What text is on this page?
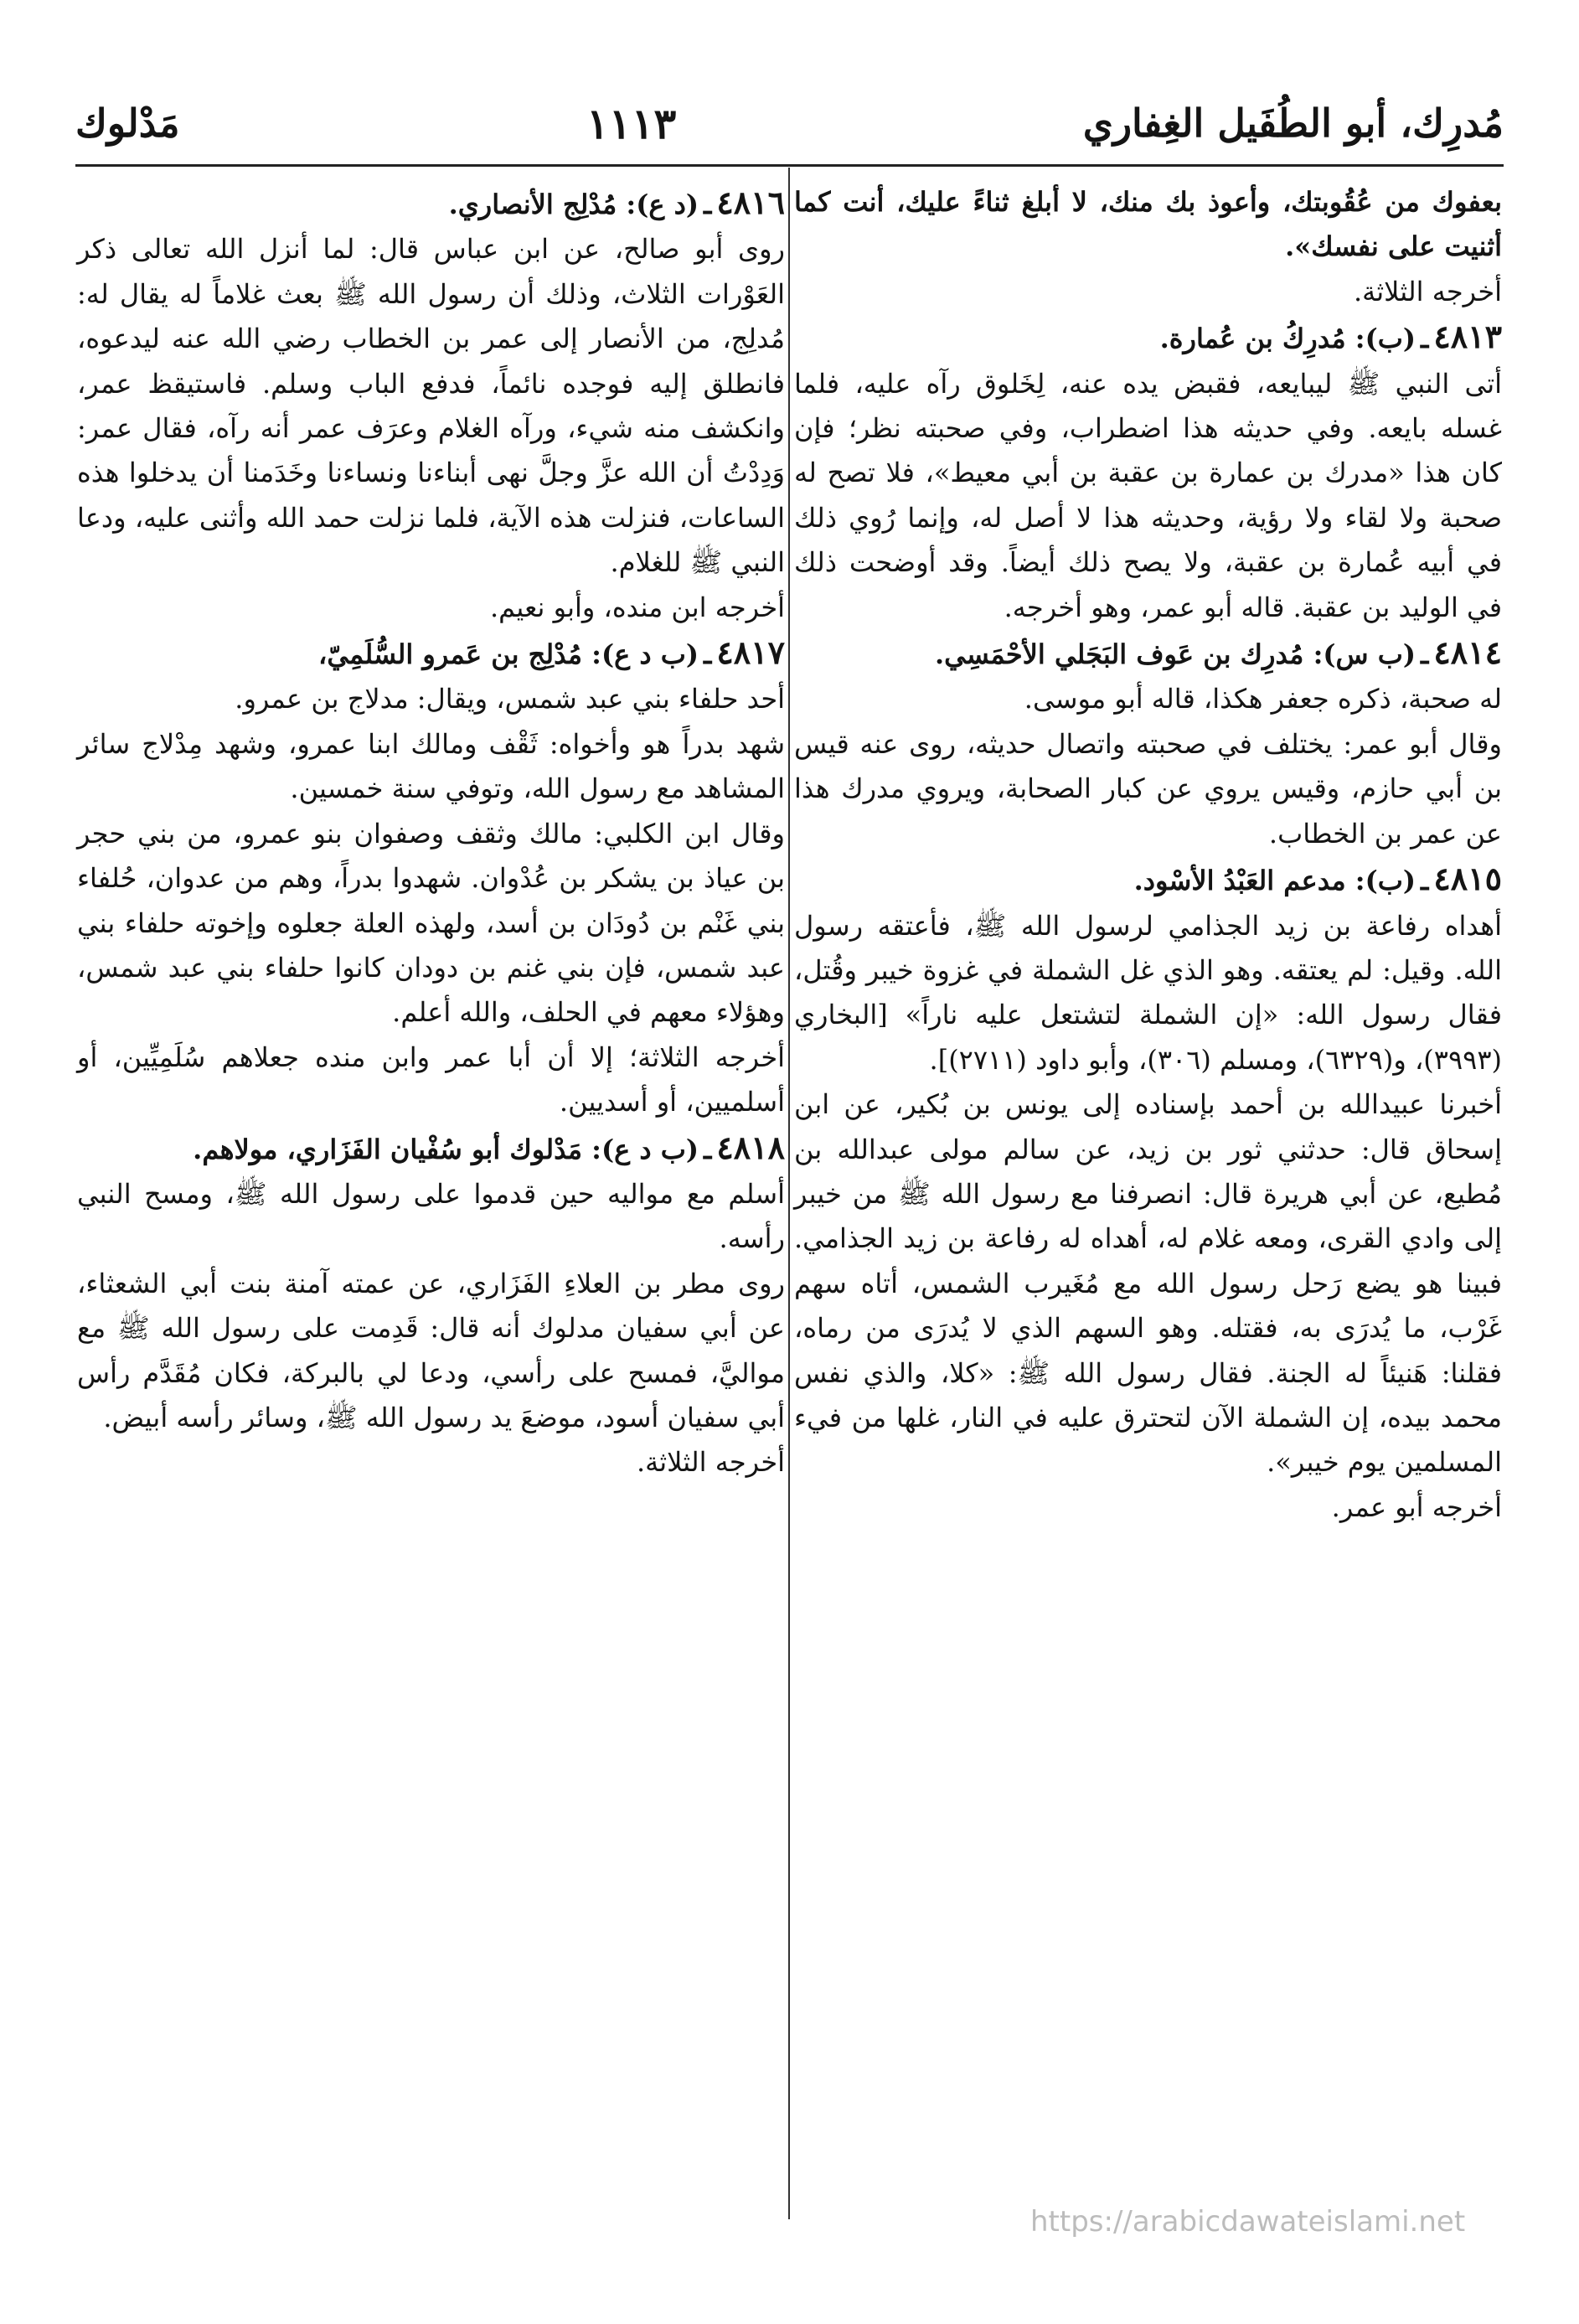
مُدرِك، أبو الطُفَيل الغِفاري
١١١٣
مَدْلوك

بعفوك من عُقُوبتك، وأعوذ بك منك، لا أبلغ ثناءً عليك، أنت كما أثنيت على نفسك».

أخرجه الثلاثة.

٤٨١٣ـ(ب): مُدرِكُ بن عُمارة.

أتى النبي ﷺ ليبايعه، فقبض يده عنه، لِخَلوق رآه عليه، فلما غسله بايعه. وفي حديثه هذا اضطراب، وفي صحبته نظر؛ فإن كان هذا «مدرك بن عمارة بن عقبة بن أبي معيط»، فلا تصح له صحبة ولا لقاء ولا رؤية، وحديثه هذا لا أصل له، وإنما رُوي ذلك في أبيه عُمارة بن عقبة، ولا يصح ذلك أيضاً. وقد أوضحت ذلك في الوليد بن عقبة. قاله أبو عمر، وهو أخرجه.

٤٨١٤ـ(ب س): مُدرِك بن عَوف البَجَلي الأحْمَسِي.

له صحبة، ذكره جعفر هكذا، قاله أبو موسى.

وقال أبو عمر: يختلف في صحبته واتصال حديثه، روى عنه قيس بن أبي حازم، وقيس يروي عن كبار الصحابة، ويروي مدرك هذا عن عمر بن الخطاب.

٤٨١٥ـ(ب): مدعم العَبْدُ الأسْود.

أهداه رفاعة بن زيد الجذامي لرسول الله ﷺ، فأعتقه رسول الله. وقيل: لم يعتقه. وهو الذي غل الشملة في غزوة خيبر وقُتل، فقال رسول الله: «إن الشملة لتشتعل عليه ناراً» [البخاري (٣٩٩٣)، و(٦٣٢٩)، ومسلم (٣٠٦)، وأبو داود (٢٧١١)].

أخبرنا عبيدالله بن أحمد بإسناده إلى يونس بن بُكير، عن ابن إسحاق قال: حدثني ثور بن زيد، عن سالم مولى عبدالله بن مُطيع، عن أبي هريرة قال: انصرفنا مع رسول الله ﷺ من خيبر إلى وادي القرى، ومعه غلام له، أهداه له رفاعة بن زيد الجذامي. فبينا هو يضع رَحل رسول الله مع مُغَيرب الشمس، أتاه سهم غَرْب، ما يُدرَى به، فقتله. وهو السهم الذي لا يُدرَى من رماه، فقلنا: هَنيئاً له الجنة. فقال رسول الله ﷺ: «كلا، والذي نفس محمد بيده، إن الشملة الآن لتحترق عليه في النار، غلها من فيء المسلمين يوم خيبر».

أخرجه أبو عمر.

٤٨١٦ـ(د ع): مُدْلِج الأنصاري.

روى أبو صالح، عن ابن عباس قال: لما أنزل الله تعالى ذكر العَوْرات الثلاث، وذلك أن رسول الله ﷺ بعث غلاماً له يقال له: مُدلِج، من الأنصار إلى عمر بن الخطاب رضي الله عنه ليدعوه، فانطلق إليه فوجده نائماً، فدفع الباب وسلم. فاستيقظ عمر، وانكشف منه شيء، ورآه الغلام وعرَف عمر أنه رآه، فقال عمر: وَدِدْتُ أن الله عزَّ وجلَّ نهى أبناءنا ونساءنا وخَدَمنا أن يدخلوا هذه الساعات، فنزلت هذه الآية، فلما نزلت حمد الله وأثنى عليه، ودعا النبي ﷺ للغلام.

أخرجه ابن منده، وأبو نعيم.

٤٨١٧ـ(ب د ع): مُدْلِج بن عَمرو السُّلَمِيّ،

أحد حلفاء بني عبد شمس، ويقال: مدلاج بن عمرو.

شهد بدراً هو وأخواه: ثَقْف ومالك ابنا عمرو، وشهد مِدْلاج سائر المشاهد مع رسول الله، وتوفي سنة خمسين.

وقال ابن الكلبي: مالك وثقف وصفوان بنو عمرو، من بني حجر بن عياذ بن يشكر بن عُدْوان. شهدوا بدراً، وهم من عدوان، حُلفاء بني غَنْم بن دُودَان بن أسد، ولهذه العلة جعلوه وإخوته حلفاء بني عبد شمس، فإن بني غنم بن دودان كانوا حلفاء بني عبد شمس، وهؤلاء معهم في الحلف، والله أعلم.

أخرجه الثلاثة؛ إلا أن أبا عمر وابن منده جعلاهم سُلَمِيِّين، أو أسلميين، أو أسديين.

٤٨١٨ـ(ب د ع): مَدْلوك أبو سُفْيان الفَزَاري، مولاهم.

أسلم مع مواليه حين قدموا على رسول الله ﷺ، ومسح النبي رأسه.

روى مطر بن العلاءِ الفَزَاري، عن عمته آمنة بنت أبي الشعثاء، عن أبي سفيان مدلوك أنه قال: قَدِمت على رسول الله ﷺ مع مواليَّ، فمسح على رأسي، ودعا لي بالبركة، فكان مُقَدَّم رأس أبي سفيان أسود، موضعَ يد رسول الله ﷺ، وسائر رأسه أبيض.

أخرجه الثلاثة.

https://arabicdawateislami.net
